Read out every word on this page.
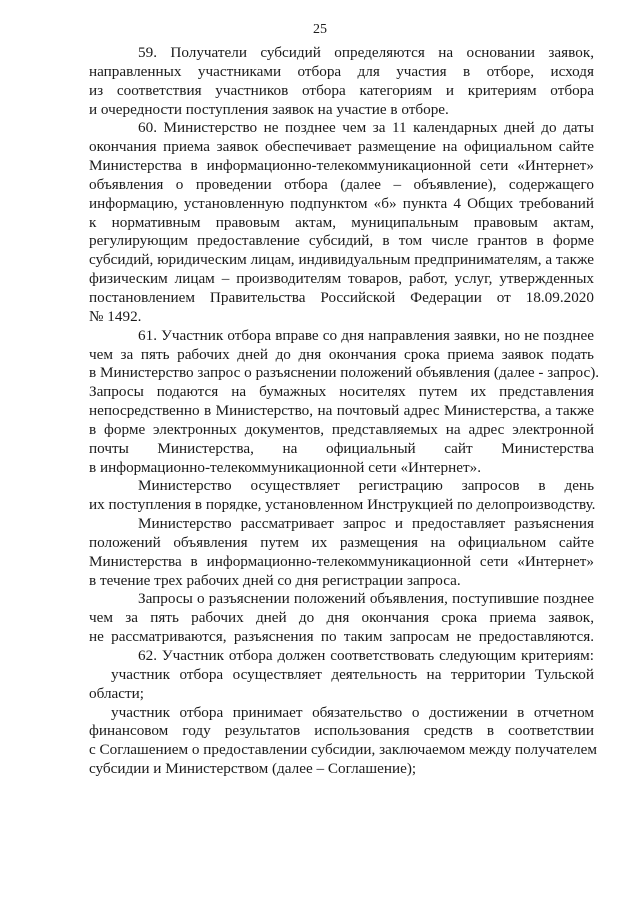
25
59. Получатели субсидий определяются на основании заявок,
направленных участниками отбора для участия в отборе, исходя
из соответствия участников отбора категориям и критериям отбора
и очередности поступления заявок на участие в отборе.
60. Министерство не позднее чем за 11 календарных дней до даты
окончания приема заявок обеспечивает размещение на официальном сайте
Министерства в информационно-телекоммуникационной сети «Интернет»
объявления о проведении отбора (далее – объявление), содержащего
информацию, установленную подпунктом «б» пункта 4 Общих требований
к нормативным правовым актам, муниципальным правовым актам,
регулирующим предоставление субсидий, в том числе грантов в форме
субсидий, юридическим лицам, индивидуальным предпринимателям, а также
физическим лицам – производителям товаров, работ, услуг, утвержденных
постановлением Правительства Российской Федерации от 18.09.2020
№ 1492.
61. Участник отбора вправе со дня направления заявки, но не позднее
чем за пять рабочих дней до дня окончания срока приема заявок подать
в Министерство запрос о разъяснении положений объявления (далее - запрос).
Запросы подаются на бумажных носителях путем их представления
непосредственно в Министерство, на почтовый адрес Министерства, а также
в форме электронных документов, представляемых на адрес электронной
почты Министерства, на официальный сайт Министерства
в информационно-телекоммуникационной сети «Интернет».
Министерство осуществляет регистрацию запросов в день
их поступления в порядке, установленном Инструкцией по делопроизводству.
Министерство рассматривает запрос и предоставляет разъяснения
положений объявления путем их размещения на официальном сайте
Министерства в информационно-телекоммуникационной сети «Интернет»
в течение трех рабочих дней со дня регистрации запроса.
Запросы о разъяснении положений объявления, поступившие позднее
чем за пять рабочих дней до дня окончания срока приема заявок,
не рассматриваются, разъяснения по таким запросам не предоставляются.
62. Участник отбора должен соответствовать следующим критериям:
участник отбора осуществляет деятельность на территории Тульской
области;
участник отбора принимает обязательство о достижении в отчетном
финансовом году результатов использования средств в соответствии
с Соглашением о предоставлении субсидии, заключаемом между получателем
субсидии и Министерством (далее – Соглашение);
